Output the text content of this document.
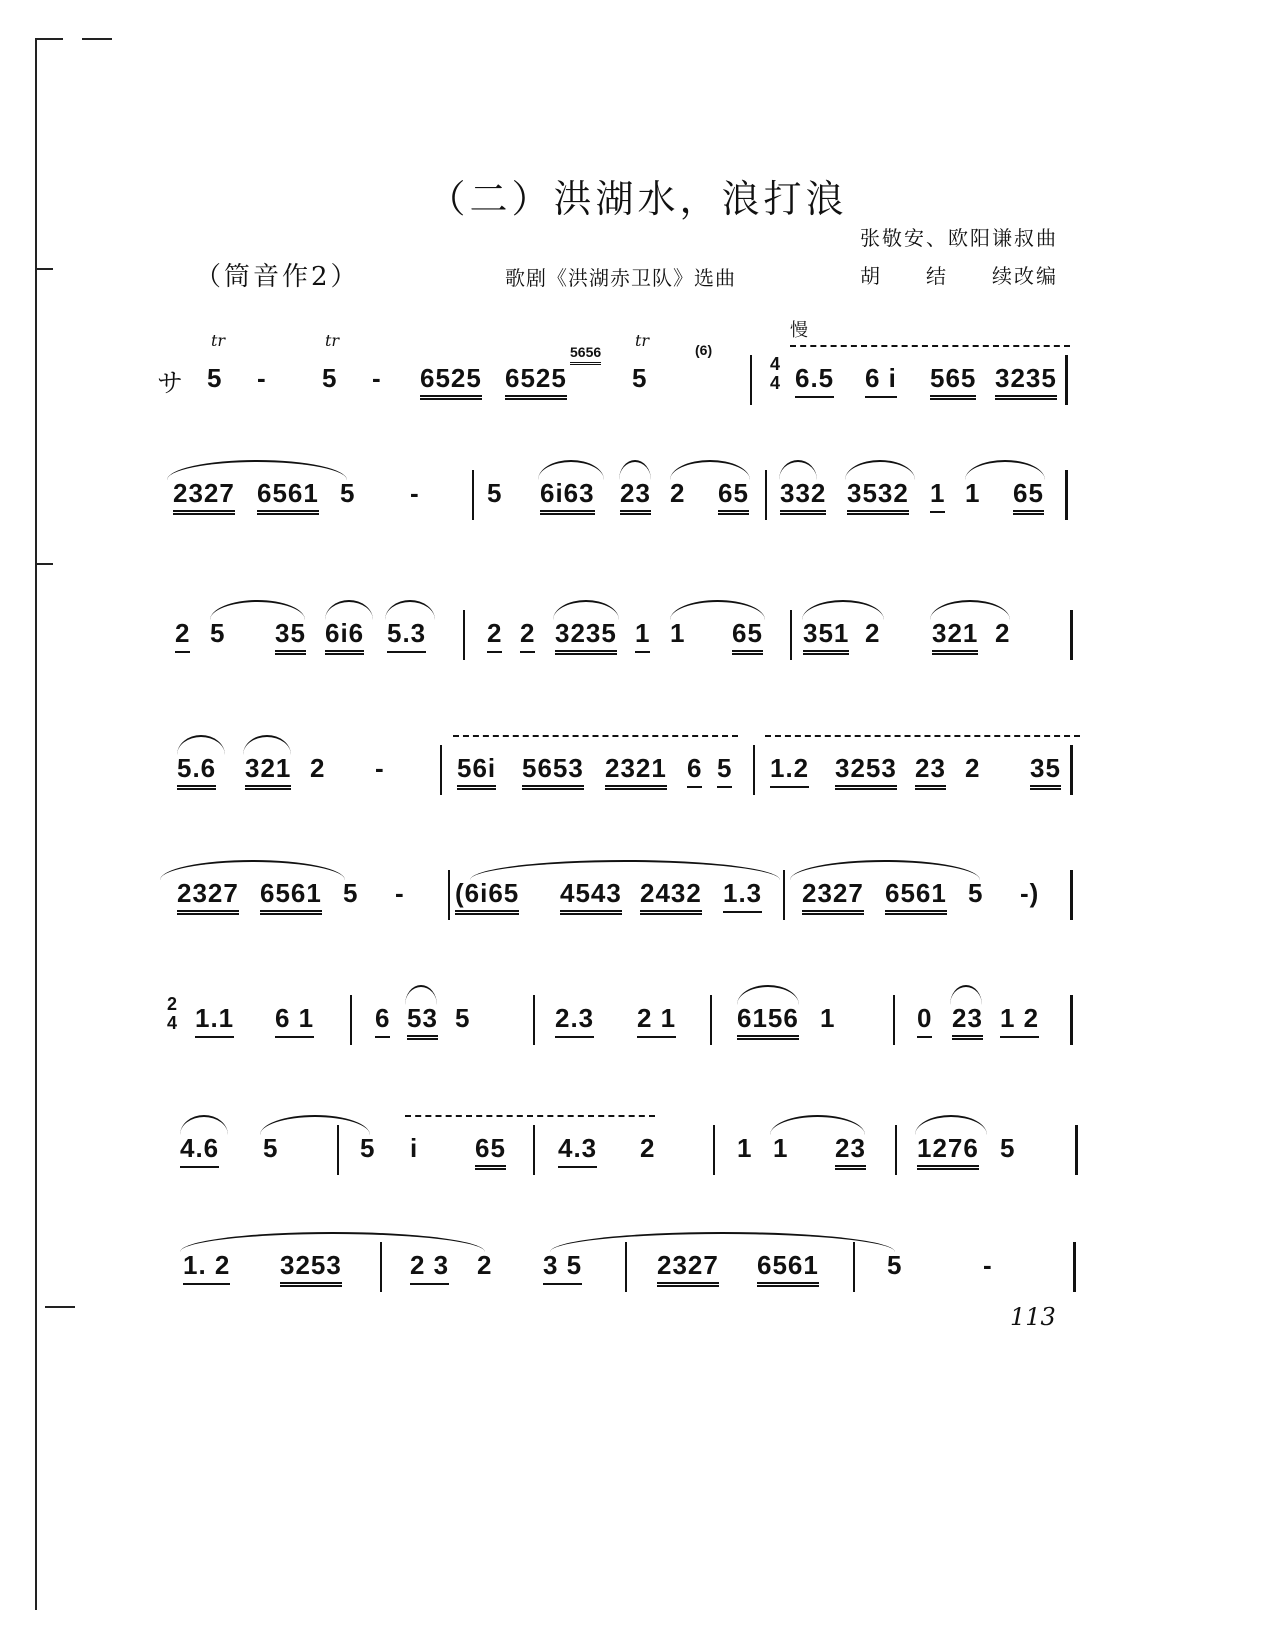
（二）洪湖水，浪打浪
（筒音作2）	歌剧《洪湖赤卫队》选曲
张敬安、欧阳谦叔曲
胡　　结　　续改编
慢
サ 5 - 5 - 6525 6525
5656
5
(6)
tr	tr	tr
4
4 6.5 6 i 565 3235
2327 6561 5 -	5 6i63 23 2 65 332 3532 1 1 65
2 5 35 6i6 5.3 2 2 3235 1 1 65 351 2 321 2
5.6 321 2 -	56i 5653 2321 6 5 1.2 3253 23 2 35
2327 6561 5 - (6i65 4543 2432 1.3 2327 6561 5 -)
2
4 1.1 6 1 6 53 5	2.3 2 1 6156 1	0 23 1 2
4.6 5	5 i 65 4.3 2	1 1 23 1276 5
1. 2 3253	2 3 2 3 5	2327 6561	5	-
113
